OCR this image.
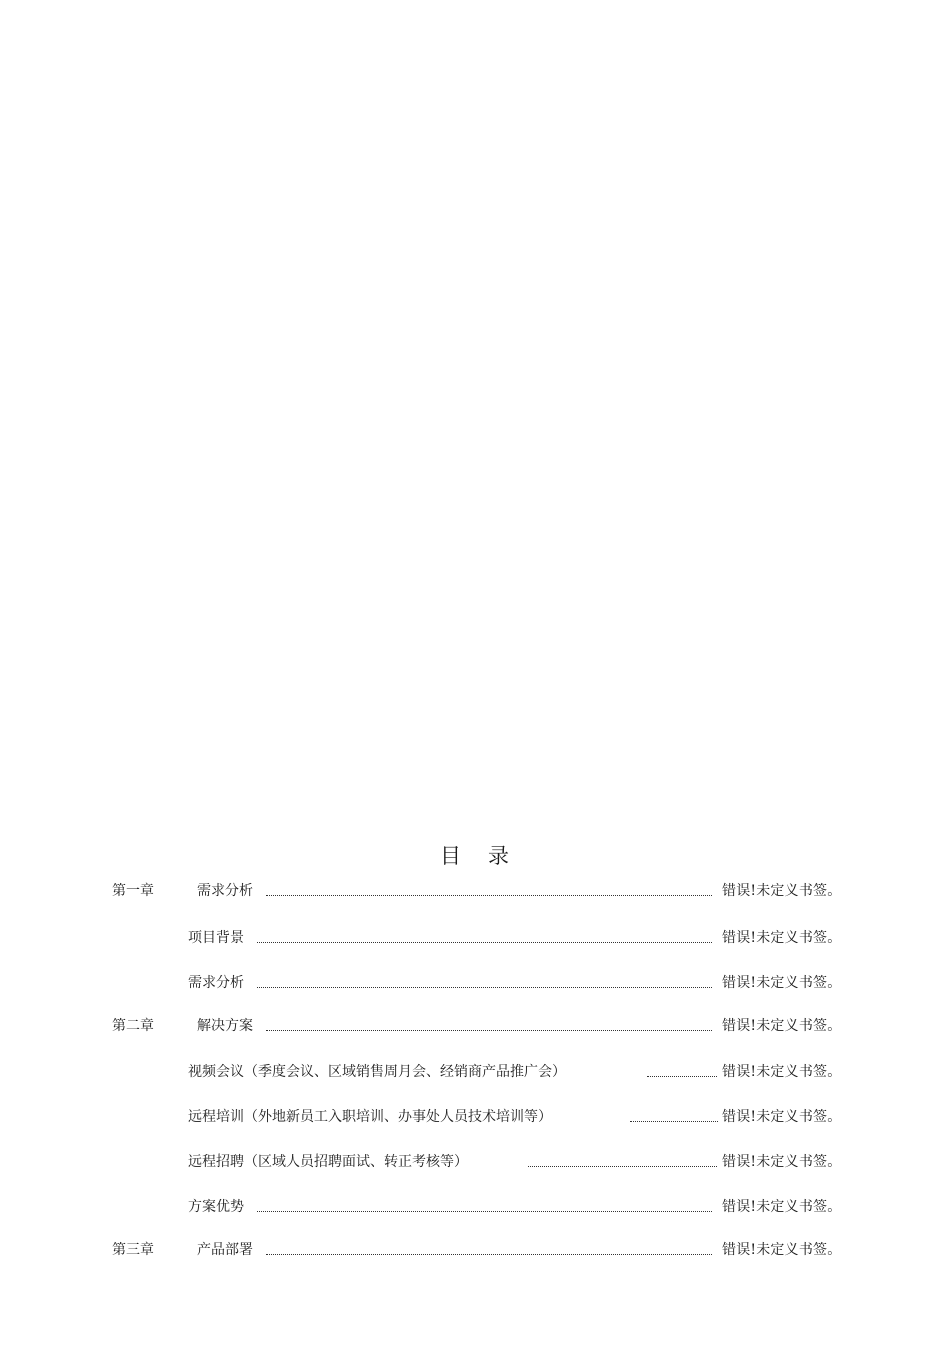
目 录
第一章	需求分析	错误!未定义书签。
项目背景	错误!未定义书签。
需求分析	错误!未定义书签。
第二章	解决方案	错误!未定义书签。
视频会议（季度会议、区域销售周月会、经销商产品推广会）	错误!未定义书签。
远程培训（外地新员工入职培训、办事处人员技术培训等）	错误!未定义书签。
远程招聘（区域人员招聘面试、转正考核等）	错误!未定义书签。
方案优势	错误!未定义书签。
第三章	产品部署	错误!未定义书签。
